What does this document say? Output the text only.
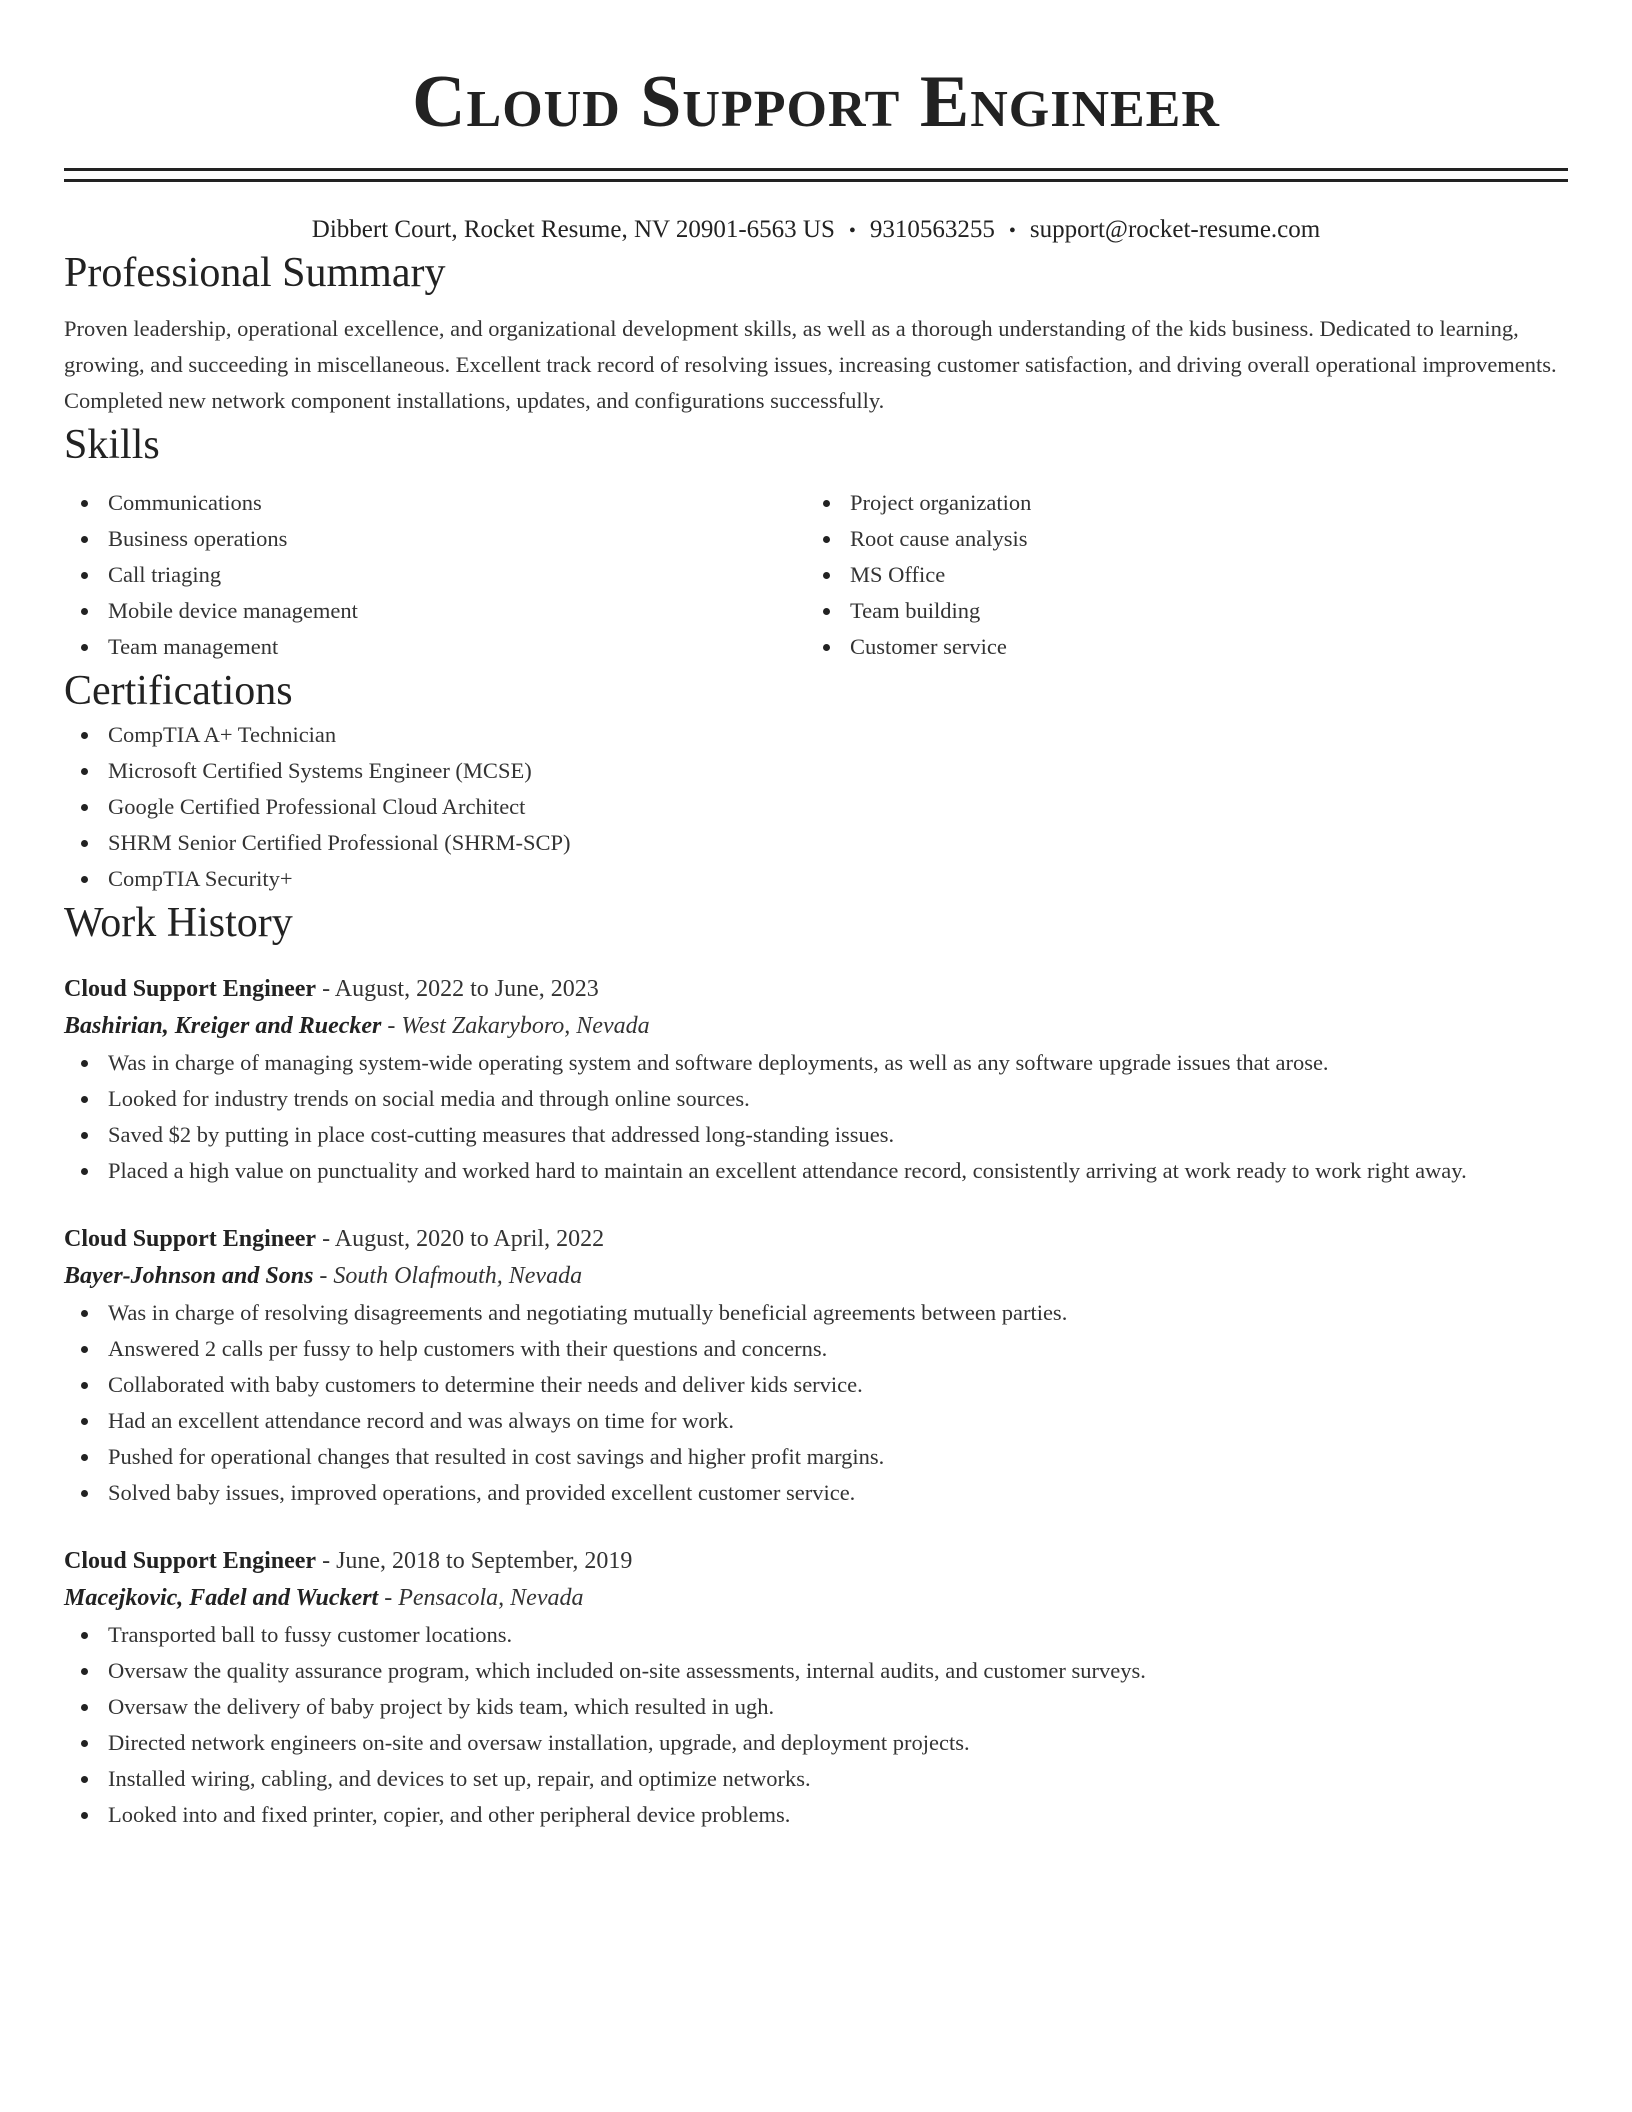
Cloud Support Engineer
Dibbert Court, Rocket Resume, NV 20901-6563 US • 9310563255 • support@rocket-resume.com
Professional Summary

Proven leadership, operational excellence, and organizational development skills, as well as a thorough understanding of the kids business. Dedicated to learning, growing, and succeeding in miscellaneous. Excellent track record of resolving issues, increasing customer satisfaction, and driving overall operational improvements. Completed new network component installations, updates, and configurations successfully.

Skills
Communications
Business operations
Call triaging
Mobile device management
Team management
Project organization
Root cause analysis
MS Office
Team building
Customer service
Certifications
CompTIA A+ Technician
Microsoft Certified Systems Engineer (MCSE)
Google Certified Professional Cloud Architect
SHRM Senior Certified Professional (SHRM-SCP)
CompTIA Security+
Work History
Cloud Support Engineer - August, 2022 to June, 2023
Bashirian, Kreiger and Ruecker - West Zakaryboro, Nevada
Was in charge of managing system-wide operating system and software deployments, as well as any software upgrade issues that arose.
Looked for industry trends on social media and through online sources.
Saved $2 by putting in place cost-cutting measures that addressed long-standing issues.
Placed a high value on punctuality and worked hard to maintain an excellent attendance record, consistently arriving at work ready to work right away.
Cloud Support Engineer - August, 2020 to April, 2022
Bayer-Johnson and Sons - South Olafmouth, Nevada
Was in charge of resolving disagreements and negotiating mutually beneficial agreements between parties.
Answered 2 calls per fussy to help customers with their questions and concerns.
Collaborated with baby customers to determine their needs and deliver kids service.
Had an excellent attendance record and was always on time for work.
Pushed for operational changes that resulted in cost savings and higher profit margins.
Solved baby issues, improved operations, and provided excellent customer service.
Cloud Support Engineer - June, 2018 to September, 2019
Macejkovic, Fadel and Wuckert - Pensacola, Nevada
Transported ball to fussy customer locations.
Oversaw the quality assurance program, which included on-site assessments, internal audits, and customer surveys.
Oversaw the delivery of baby project by kids team, which resulted in ugh.
Directed network engineers on-site and oversaw installation, upgrade, and deployment projects.
Installed wiring, cabling, and devices to set up, repair, and optimize networks.
Looked into and fixed printer, copier, and other peripheral device problems.
